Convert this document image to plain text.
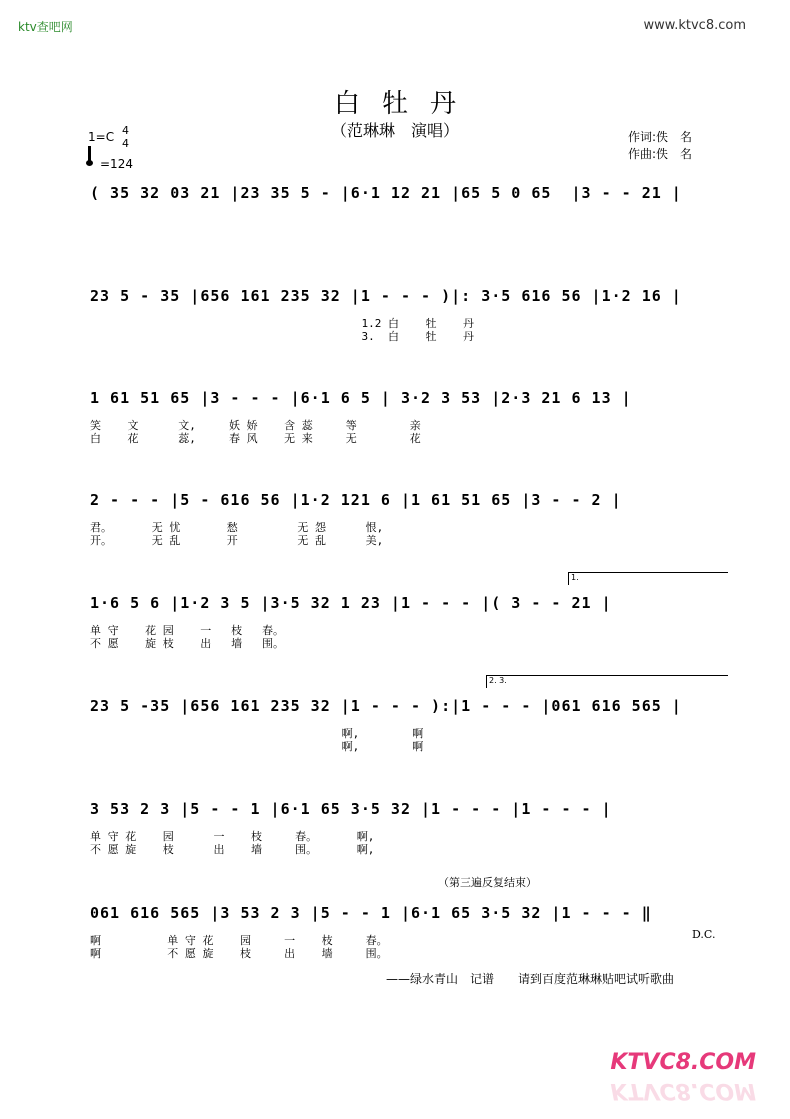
ktv查吧网	www.ktvc8.com
白牡丹
（范琳琳　演唱）
1=C 4
4
=124
作词:佚　名
作曲:佚　名
( 35 32 03 21 |23 35 5 - |6·1 12 21 |65 5 0 65  |3 - - 21 |
23 5 - 35 |656 161 235 32 |1 - - - )|: 3·5 616 56 |1·2 16 |
1.2 白    牡    丹
3.  白    牡    丹
1 61 51 65 |3 - - - |6·1 6 5 | 3·2 3 53 |2·3 21 6 13 |
笑    文      文,     妖 娇    含 蕊     等        亲
白    花      蕊,     春 风    无 来     无        花
2 - - - |5 - 616 56 |1·2 121 6 |1 61 51 65 |3 - - 2 |
君。      无 忧       愁         无 怨      恨,
开。      无 乱       开         无 乱      美,
1.
1·6 5 6 |1·2 3 5 |3·5 32 1 23 |1 - - - |( 3 - - 21 |
单 守    花 园    一   枝   春。
不 愿    旋 枝    出   墙   围。
2. 3.
23 5 -35 |656 161 235 32 |1 - - - ):|1 - - - |061 616 565 |
啊,        啊
啊,        啊
3 53 2 3 |5 - - 1 |6·1 65 3·5 32 |1 - - - |1 - - - |
单 守 花    园      一    枝     春。      啊,
不 愿 旋    枝      出    墙     围。      啊,
（第三遍反复结束）
061 616 565 |3 53 2 3 |5 - - 1 |6·1 65 3·5 32 |1 - - - ‖
啊          单 守 花    园     一    枝     春。
啊          不 愿 旋    枝     出    墙     围。
D.C.
——绿水青山　记谱　　请到百度范琳琳贴吧试听歌曲
KTVC8.COM
KTVC8.COM
